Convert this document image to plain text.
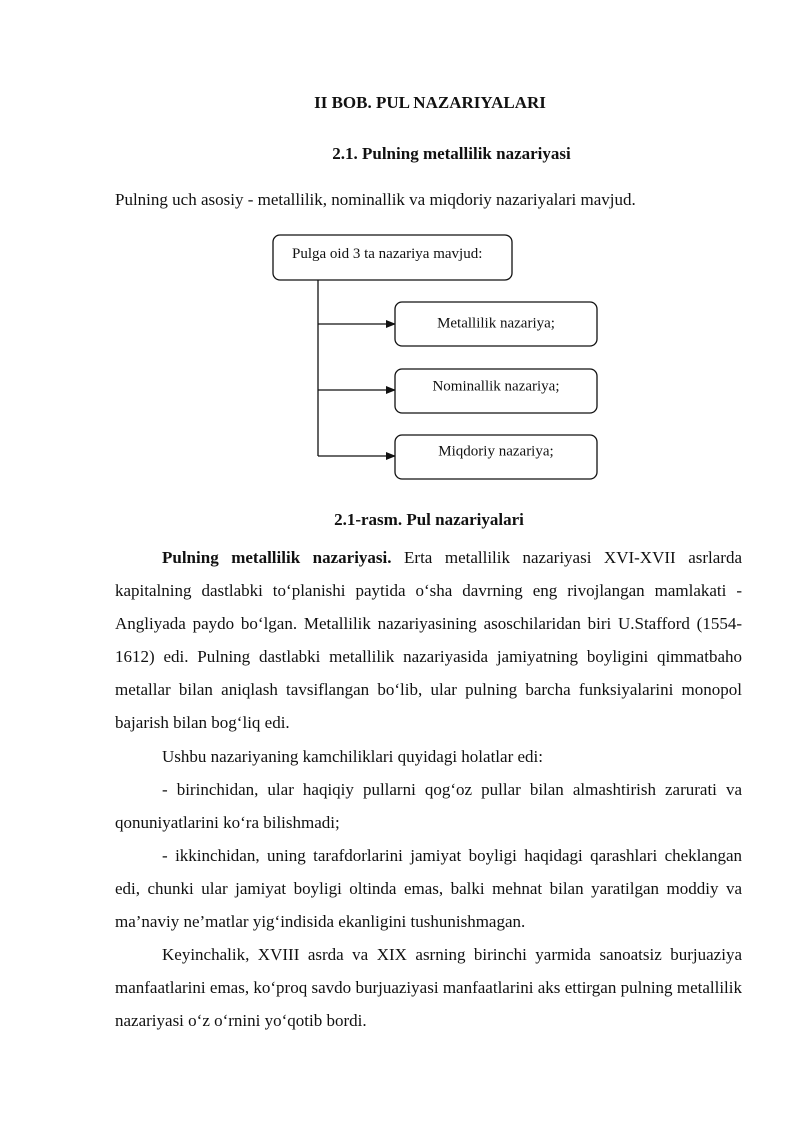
II BOB. PUL NAZARIYALARI
2.1. Pulning metallilik nazariyasi
Pulning uch asosiy - metallilik, nominallik va miqdoriy nazariyalari mavjud.
Pulga oid 3 ta nazariya mavjud:
Metallilik nazariya;
Nominallik nazariya;
Miqdoriy nazariya;
2.1-rasm. Pul nazariyalari

Pulning metallilik nazariyasi. Erta metallilik nazariyasi XVI-XVII asrlarda kapitalning dastlabki to‘planishi paytida o‘sha davrning eng rivojlangan mamlakati - Angliyada paydo bo‘lgan. Metallilik nazariyasining asoschilaridan biri U.Stafford (1554-1612) edi. Pulning dastlabki metallilik nazariyasida jamiyatning boyligini qimmatbaho metallar bilan aniqlash tavsiflangan bo‘lib, ular pulning barcha funksiyalarini monopol bajarish bilan bog‘liq edi.

Ushbu nazariyaning kamchiliklari quyidagi holatlar edi:

- birinchidan, ular haqiqiy pullarni qog‘oz pullar bilan almashtirish zarurati va qonuniyatlarini ko‘ra bilishmadi;

- ikkinchidan, uning tarafdorlarini jamiyat boyligi haqidagi qarashlari cheklangan edi, chunki ular jamiyat boyligi oltinda emas, balki mehnat bilan yaratilgan moddiy va ma’naviy ne’matlar yig‘indisida ekanligini tushunishmagan.

Keyinchalik, XVIII asrda va XIX asrning birinchi yarmida sanoatsiz burjuaziya manfaatlarini emas, ko‘proq savdo burjuaziyasi manfaatlarini aks ettirgan pulning metallilik nazariyasi o‘z o‘rnini yo‘qotib bordi.
